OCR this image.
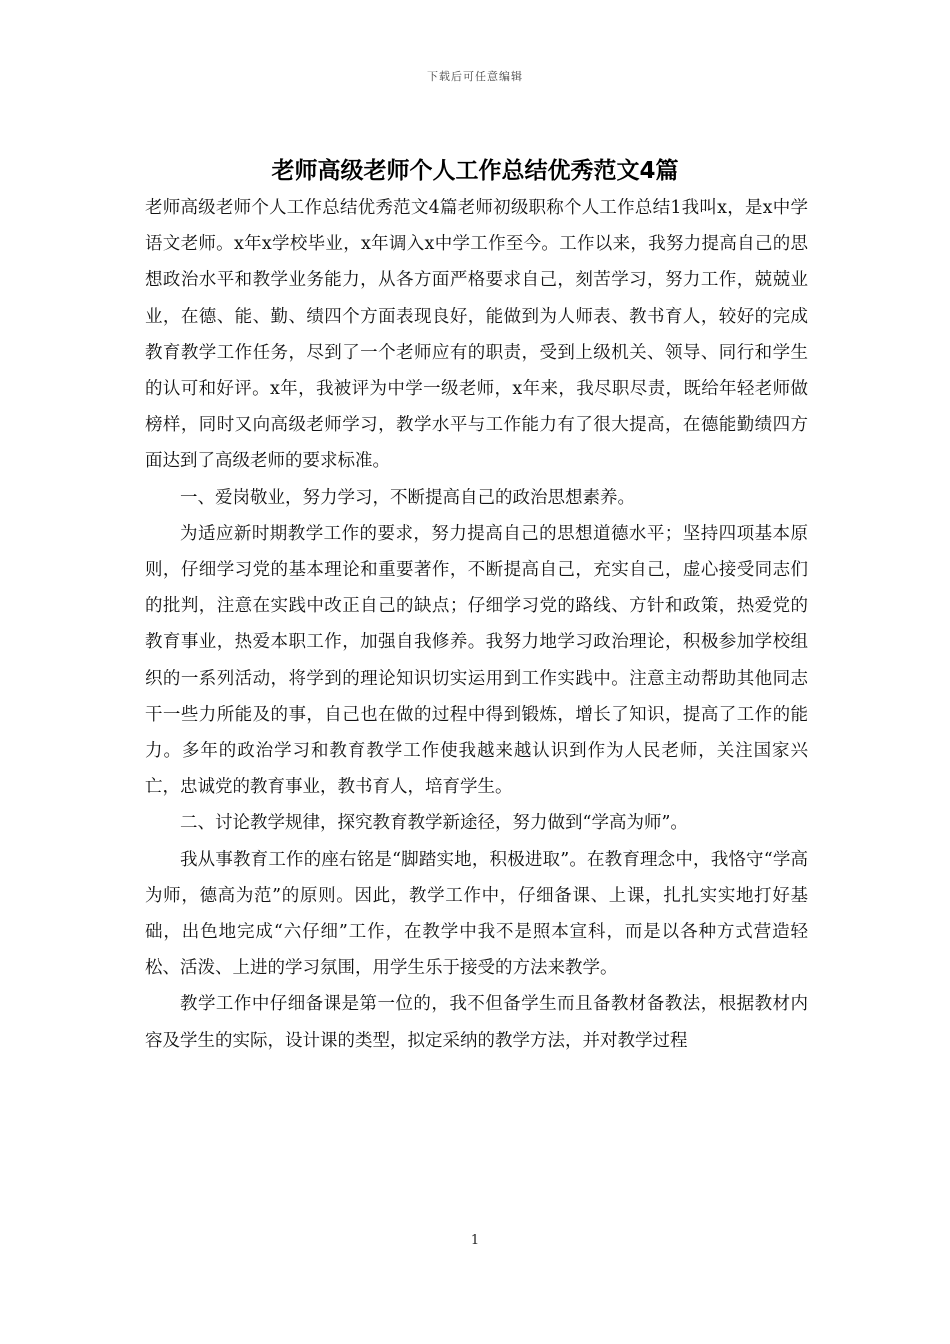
下载后可任意编辑
老师高级老师个人工作总结优秀范文4篇

老师高级老师个人工作总结优秀范文4篇老师初级职称个人工作总结1我叫x，是x中学语文老师。x年x学校毕业，x年调入x中学工作至今。工作以来，我努力提高自己的思想政治水平和教学业务能力，从各方面严格要求自己，刻苦学习，努力工作，兢兢业业，在德、能、勤、绩四个方面表现良好，能做到为人师表、教书育人，较好的完成教育教学工作任务，尽到了一个老师应有的职责，受到上级机关、领导、同行和学生的认可和好评。x年，我被评为中学一级老师，x年来，我尽职尽责，既给年轻老师做榜样，同时又向高级老师学习，教学水平与工作能力有了很大提高，在德能勤绩四方面达到了高级老师的要求标准。

一、爱岗敬业，努力学习，不断提高自己的政治思想素养。

为适应新时期教学工作的要求，努力提高自己的思想道德水平；坚持四项基本原则，仔细学习党的基本理论和重要著作，不断提高自己，充实自己，虚心接受同志们的批判，注意在实践中改正自己的缺点；仔细学习党的路线、方针和政策，热爱党的教育事业，热爱本职工作，加强自我修养。我努力地学习政治理论，积极参加学校组织的一系列活动，将学到的理论知识切实运用到工作实践中。注意主动帮助其他同志干一些力所能及的事，自己也在做的过程中得到锻炼，增长了知识，提高了工作的能力。多年的政治学习和教育教学工作使我越来越认识到作为人民老师，关注国家兴亡，忠诚党的教育事业，教书育人，培育学生。

二、讨论教学规律，探究教育教学新途径，努力做到“学高为师”。

我从事教育工作的座右铭是“脚踏实地，积极进取”。在教育理念中，我恪守“学高为师，德高为范”的原则。因此，教学工作中，仔细备课、上课，扎扎实实地打好基础，出色地完成“六仔细”工作，在教学中我不是照本宣科，而是以各种方式营造轻松、活泼、上进的学习氛围，用学生乐于接受的方法来教学。

教学工作中仔细备课是第一位的，我不但备学生而且备教材备教法，根据教材内容及学生的实际，设计课的类型，拟定采纳的教学方法，并对教学过程

1
